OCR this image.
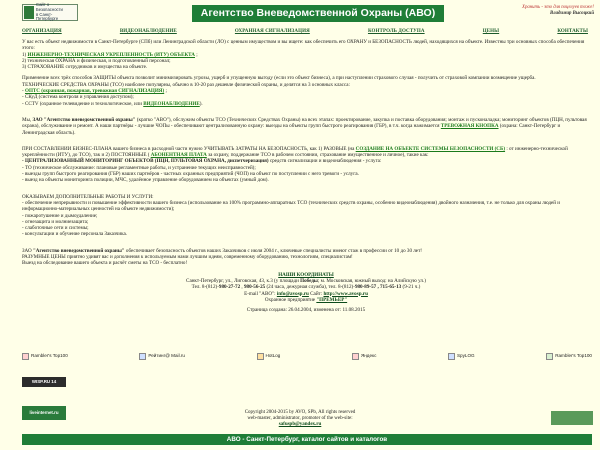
Сайт о
Безопасности
в Санкт-
Петербурге	Агентство Вневедомственной Охраны (АВО)	Хранить - это для поцелуев тоже!
Владимир Высоцкий
ОРГАНИЗАЦИЯ	ВИДЕОНАБЛЮДЕНИЕ	ОХРАННАЯ СИГНАЛИЗАЦИЯ	КОНТРОЛЬ ДОСТУПА	ЦЕНЫ	КОНТАКТЫ

У вас есть объект недвижимости в Санкт-Петербурге (СПб) или Ленинградской области (ЛО) с ценным имуществом и вы ищете: как обеспечить его ОХРАНУ и БЕЗОПАСНОСТЬ людей, находящихся на объекте. Известны три основных способа обеспечения этого:
1) ИНЖЕНЕРНО-ТЕХНИЧЕСКАЯ УКРЕПЛЕННОСТЬ (ИТУ) ОБЪЕКТА ;
2) техническая ОХРАНА и физическая, и подготовленный персонал;
3) СТРАХОВАНИЕ сотрудников и имущества на объекте.

Применение всех трёх способов ЗАЩИТЫ объекта позволит минимизировать угрозы, ущерб и упущенную выгоду (если это объект бизнеса), а при наступлении страхового случая - получить от страховой компании возмещение ущерба.
ТЕХНИЧЕСКИЕ СРЕДСТВА ОХРАНЫ (ТСО) наиболее популярны, обычно в 10-20 раз дешевле физической охраны, и делятся на 3 основных класса:
- ОПТС (охранная, пожарная, тревожная СИГНАЛИЗАЦИЯ) ;
- СКуД (система контроля и управления доступом);
- ССТV (охранное телевидение и технологическое, или ВИДЕОНАБЛЮДЕНИЕ).

Мы, ЗАО "Агентство вневедомственной охраны" (кратко "АВО"), обслужим объекты ТСО (Технических Средствах Охраны) на всех этапах: проектирование, закупка и поставка оборудования; монтаж и пусконаладка; мониторинг объектов (ПЦН, пультовая охрана), обслуживание и ремонт. А наши партнёры - лучшие ЧОПы - обеспечивают централизованную охрану: выезды на объекты групп быстрого реагирования (ГБР), в т.ч. когда нажимается ТРЕВОЖНАЯ КНОПКА (охрана: Санкт-Петербург и Ленинградская область).

ПРИ СОСТАВЛЕНИИ БИЗНЕС-ПЛАНА вашего бизнеса в расходной части нужно УЧИТЫВАТЬ ЗАТРАТЫ НА БЕЗОПАСНОСТЬ, как 1) РАЗОВЫЕ (на СОЗДАНИЕ НА ОБЪЕКТЕ СИСТЕМЫ БЕЗОПАСНОСТИ (СБ) : от инженерно-технической укреплённости (ИТУ), до ТСО), так и 2) ПОСТОЯННЫЕ ( АБОНЕНТНАЯ ПЛАТА за охрану, поддержание ТСО в рабочем состоянии, страхование имущественное и личное), такие как:
- ЦЕНТРАЛИЗОВАННЫЙ МОНИТОРИНГ ОБЪЕКТОВ (ПЦН, ПУЛЬТОВАЯ ОХРАНА, диспетчеризация) средств сигнализации и видеонаблюдения - услуга:
- ТО (техническое обслуживание: плановые регламентные работы, и устранение текущих неисправностей);
- выезды групп быстрого реагирования (ГБР) наших партнёров - частных охранных предприятий (ЧОП) на объект по поступлении с него тревоги - услуга.
- выезд на объекты мониторинга полиции, МЧС, удалённое управление оборудованием на объектах (умный дом).

ОКАЗЫВАЕМ ДОПОЛНИТЕЛЬНЫЕ РАБОТЫ И УСЛУГИ:
- обеспечение непрерывности и повышение эффективности вашего бизнеса (использование на 100% программно-аппаратных ТСО (технических средств охраны, особенно видеонаблюдения) двойного назначения, т.е. не только для охраны людей и информационно-материальных ценностей на объекте недвижимости);
- пожаротушение и дымоудаление;
- огнезащита и молниезащита;
- слаботочные сети и системы;
- консультации и обучение персонала Заказчика.

ЗАО "Агентство вневедомственной охраны" обеспечивает безопасность объектов наших Заказчиков с июля 2004 г., ключевые специалисты имеют стаж в профессии от 10 до 30 лет!
РАЗУМНЫЕ ЦЕНЫ приятно удивят вас и дополнения к используемым нами лучшим идеям, современному оборудованию, технологиям, специалистам!
Выезд на обследование вашего объекта и расчёт сметы на ТСО - бесплатно!

НАШИ КООРДИНАТЫ
Санкт-Петербург, ул., Лиговская, 43, к.3 (у площади Победы; м. Московская, южный выход: на Алийскую ул.)
Тел. 8-(812)-980-27-72 , 980-56-25 (24 часа, дежурная служба), тел. 8-(812)-980-89-57 , 715-65-13 (9-21 ч.)
E-mail "АВО": info@avosp.ru Сайт: http://www.avosp.ru
Охранное предприятие "ПРЕМЬЕР"
Страница создана: 26.04.2004, изменена от: 11.08.2015
Rambler's Top100	Рейтинг@ Mail.ru	HotLog	Яндекс	SpyLOG	Rambler's Top100
WISP.RU 14
liveinternet.ru	Copyright 2004-2015 by AVO, SPb, All rights reserved
web-master, administrator, promoter of the web-site:
safuspb@yandex.ru
АВО - Санкт-Петербург, каталог сайтов и каталогов
